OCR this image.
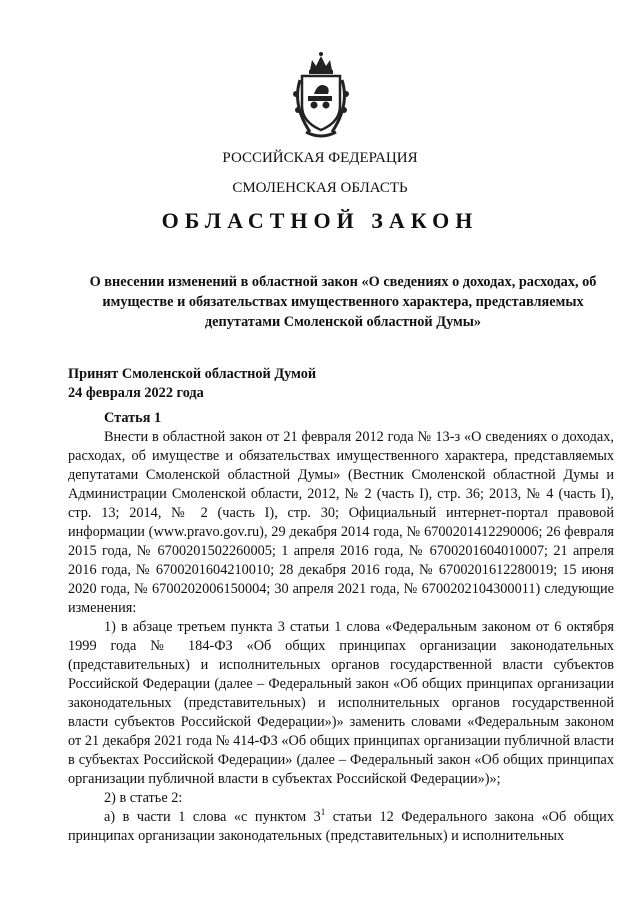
РОССИЙСКАЯ ФЕДЕРАЦИЯ
СМОЛЕНСКАЯ ОБЛАСТЬ
ОБЛАСТНОЙ ЗАКОН
О внесении изменений в областной закон «О сведениях о доходах, расходах, об имуществе и обязательствах имущественного характера, представляемых депутатами Смоленской областной Думы»
Принят Смоленской областной Думой
24 февраля 2022 года
Статья 1

Внести в областной закон от 21 февраля 2012 года № 13-з «О сведениях о доходах, расходах, об имуществе и обязательствах имущественного характера, представляемых депутатами Смоленской областной Думы» (Вестник Смоленской областной Думы и Администрации Смоленской области, 2012, № 2 (часть I), стр. 36; 2013, № 4 (часть I), стр. 13; 2014, № 2 (часть I), стр. 30; Официальный интернет-портал правовой информации (www.pravo.gov.ru), 29 декабря 2014 года, № 6700201412290006; 26 февраля 2015 года, № 6700201502260005; 1 апреля 2016 года, № 6700201604010007; 21 апреля 2016 года, № 6700201604210010; 28 декабря 2016 года, № 6700201612280019; 15 июня 2020 года, № 6700202006150004; 30 апреля 2021 года, № 6700202104300011) следующие изменения:

1) в абзаце третьем пункта 3 статьи 1 слова «Федеральным законом от 6 октября 1999 года № 184-ФЗ «Об общих принципах организации законодательных (представительных) и исполнительных органов государственной власти субъектов Российской Федерации (далее – Федеральный закон «Об общих принципах организации законодательных (представительных) и исполнительных органов государственной власти субъектов Российской Федерации»)» заменить словами «Федеральным законом от 21 декабря 2021 года № 414-ФЗ «Об общих принципах организации публичной власти в субъектах Российской Федерации» (далее – Федеральный закон «Об общих принципах организации публичной власти в субъектах Российской Федерации»)»;

2) в статье 2:

а) в части 1 слова «с пунктом $3^1$ статьи 12 Федерального закона «Об общих принципах организации законодательных (представительных) и исполнительных
